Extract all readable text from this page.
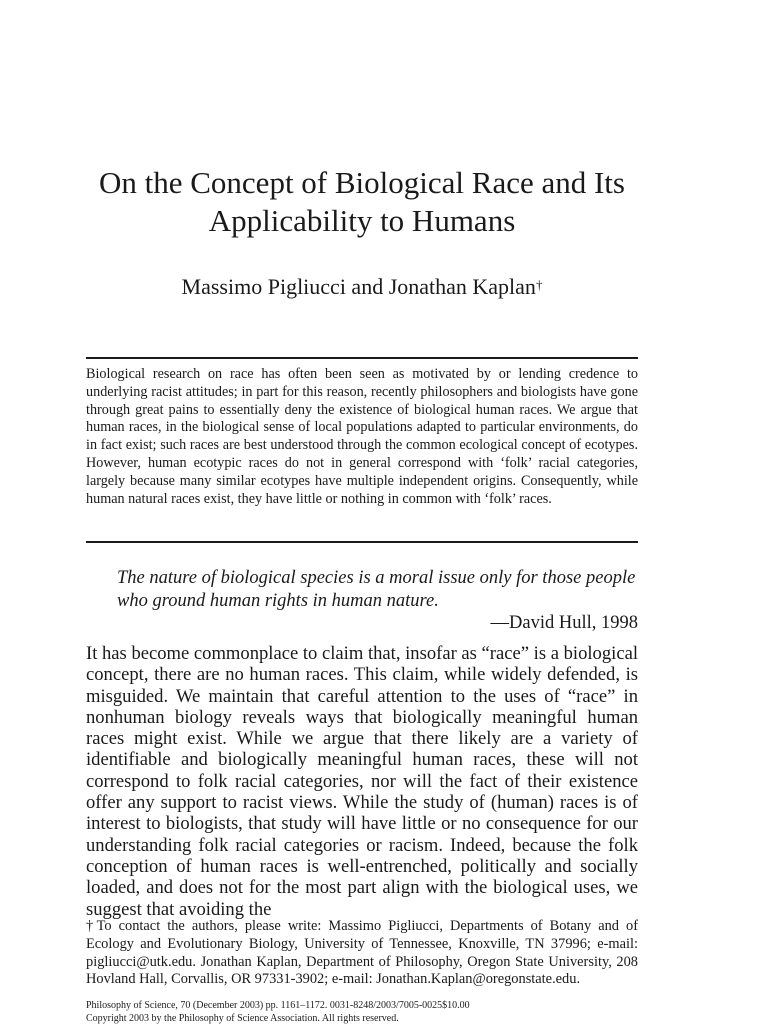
On the Concept of Biological Race and Its
Applicability to Humans
Massimo Pigliucci and Jonathan Kaplan†

Biological research on race has often been seen as motivated by or lending credence to underlying racist attitudes; in part for this reason, recently philosophers and biologists have gone through great pains to essentially deny the existence of biological human races. We argue that human races, in the biological sense of local populations adapted to particular environments, do in fact exist; such races are best understood through the common ecological concept of ecotypes. However, human ecotypic races do not in general correspond with ‘folk’ racial categories, largely because many similar ecotypes have multiple independent origins. Consequently, while human natural races exist, they have little or nothing in common with ‘folk’ races.

The nature of biological species is a moral issue only for those people who ground human rights in human nature.

—David Hull, 1998

It has become commonplace to claim that, insofar as “race” is a biological concept, there are no human races. This claim, while widely defended, is misguided. We maintain that careful attention to the uses of “race” in nonhuman biology reveals ways that biologically meaningful human races might exist. While we argue that there likely are a variety of identifiable and biologically meaningful human races, these will not correspond to folk racial categories, nor will the fact of their existence offer any support to racist views. While the study of (human) races is of interest to biologists, that study will have little or no consequence for our understanding folk racial categories or racism. Indeed, because the folk conception of human races is well-entrenched, politically and socially loaded, and does not for the most part align with the biological uses, we suggest that avoiding the

†To contact the authors, please write: Massimo Pigliucci, Departments of Botany and of Ecology and Evolutionary Biology, University of Tennessee, Knoxville, TN 37996; e-mail: pigliucci@utk.edu. Jonathan Kaplan, Department of Philosophy, Oregon State University, 208 Hovland Hall, Corvallis, OR 97331-3902; e-mail: Jonathan.Kaplan@oregonstate.edu.

Philosophy of Science, 70 (December 2003) pp. 1161–1172. 0031-8248/2003/7005-0025$10.00
Copyright 2003 by the Philosophy of Science Association. All rights reserved.
